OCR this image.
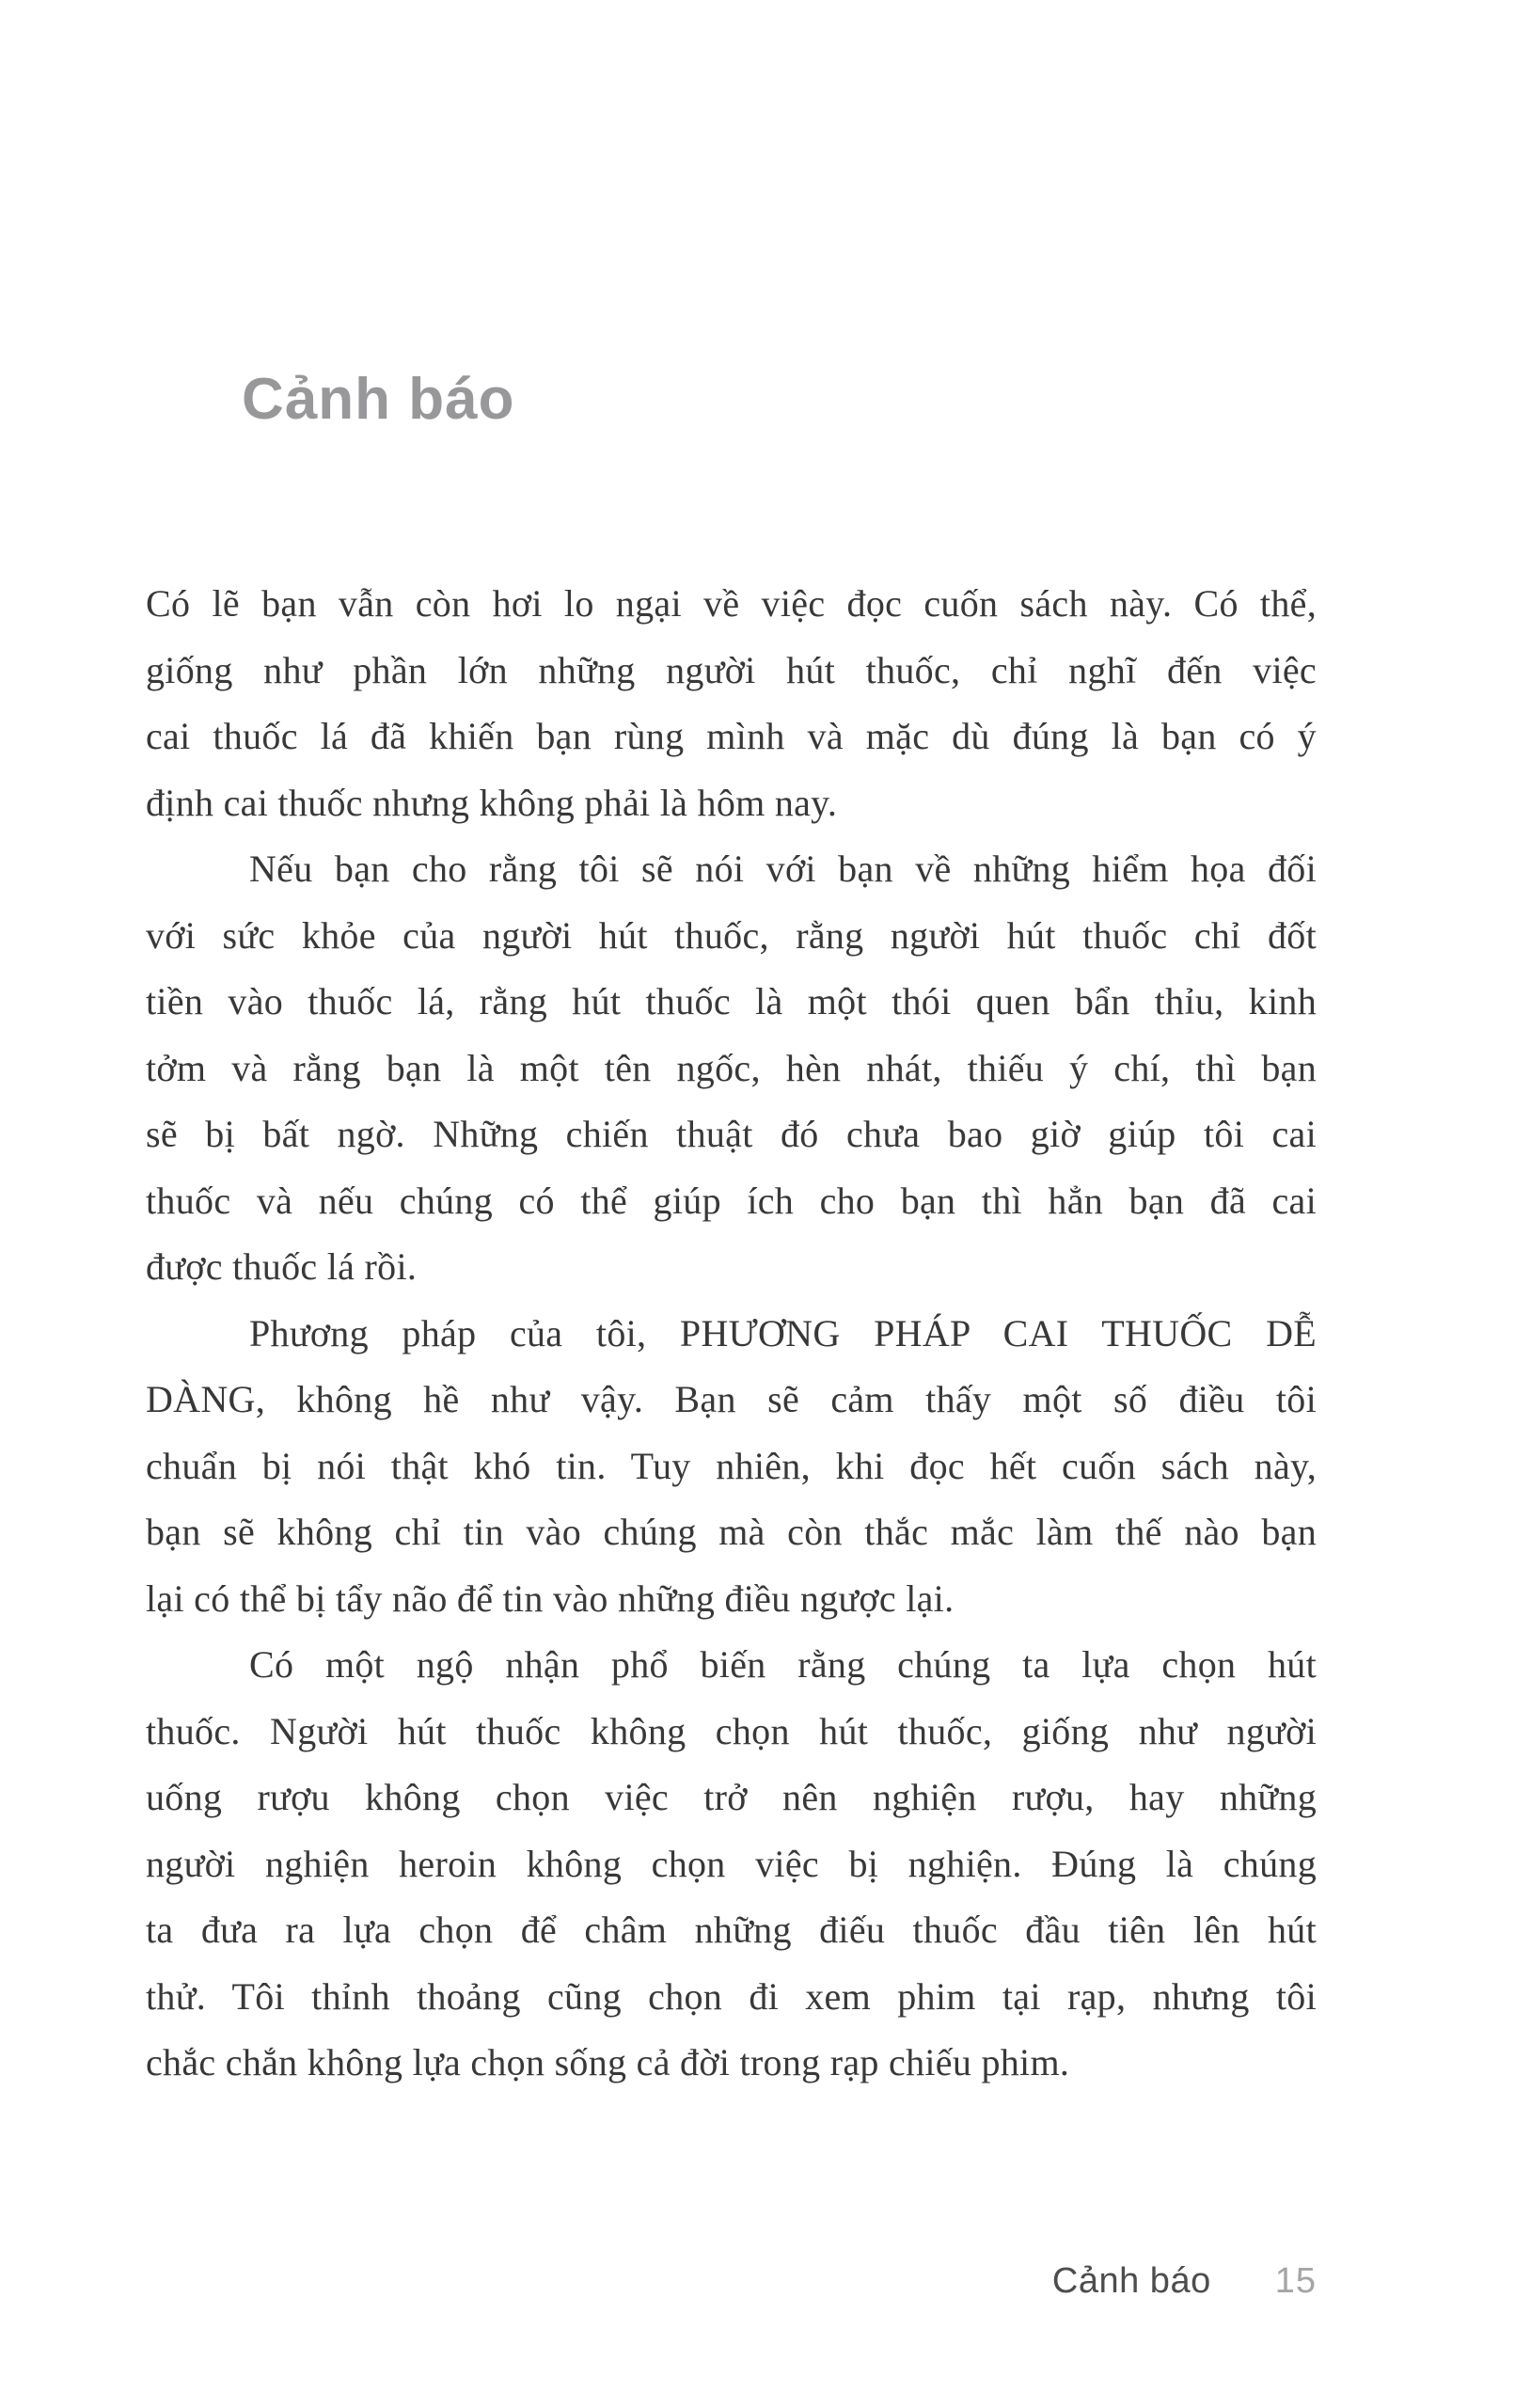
Cảnh báo
Có lẽ bạn vẫn còn hơi lo ngại về việc đọc cuốn sách này. Có thể,
giống như phần lớn những người hút thuốc, chỉ nghĩ đến việc
cai thuốc lá đã khiến bạn rùng mình và mặc dù đúng là bạn có ý
định cai thuốc nhưng không phải là hôm nay.
Nếu bạn cho rằng tôi sẽ nói với bạn về những hiểm họa đối
với sức khỏe của người hút thuốc, rằng người hút thuốc chỉ đốt
tiền vào thuốc lá, rằng hút thuốc là một thói quen bẩn thỉu, kinh
tởm và rằng bạn là một tên ngốc, hèn nhát, thiếu ý chí, thì bạn
sẽ bị bất ngờ. Những chiến thuật đó chưa bao giờ giúp tôi cai
thuốc và nếu chúng có thể giúp ích cho bạn thì hẳn bạn đã cai
được thuốc lá rồi.
Phương pháp của tôi, PHƯƠNG PHÁP CAI THUỐC DỄ
DÀNG, không hề như vậy. Bạn sẽ cảm thấy một số điều tôi
chuẩn bị nói thật khó tin. Tuy nhiên, khi đọc hết cuốn sách này,
bạn sẽ không chỉ tin vào chúng mà còn thắc mắc làm thế nào bạn
lại có thể bị tẩy não để tin vào những điều ngược lại.
Có một ngộ nhận phổ biến rằng chúng ta lựa chọn hút
thuốc. Người hút thuốc không chọn hút thuốc, giống như người
uống rượu không chọn việc trở nên nghiện rượu, hay những
người nghiện heroin không chọn việc bị nghiện. Đúng là chúng
ta đưa ra lựa chọn để châm những điếu thuốc đầu tiên lên hút
thử. Tôi thỉnh thoảng cũng chọn đi xem phim tại rạp, nhưng tôi
chắc chắn không lựa chọn sống cả đời trong rạp chiếu phim.
Cảnh báo 15
